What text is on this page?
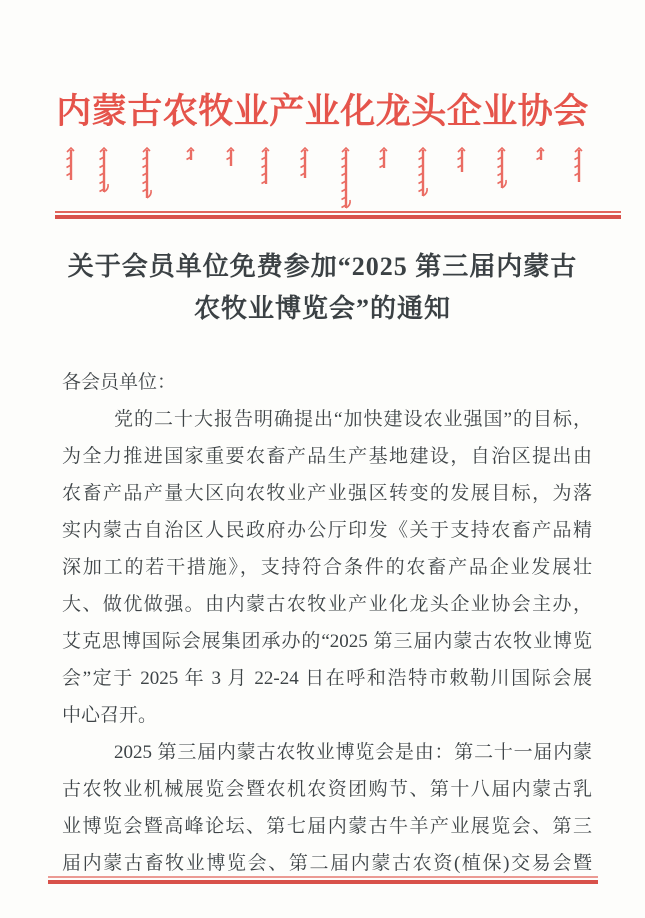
内蒙古农牧业产业化龙头企业协会
关于会员单位免费参加“2025 第三届内蒙古
农牧业博览会”的通知
各会员单位：
党的二十大报告明确提出“加快建设农业强国”的目标，
为全力推进国家重要农畜产品生产基地建设，自治区提出由
农畜产品产量大区向农牧业产业强区转变的发展目标，为落
实内蒙古自治区人民政府办公厅印发《关于支持农畜产品精
深加工的若干措施》，支持符合条件的农畜产品企业发展壮
大、做优做强。由内蒙古农牧业产业化龙头企业协会主办，
艾克思博国际会展集团承办的“2025 第三届内蒙古农牧业博览
会”定于 2025 年 3 月 22-24 日在呼和浩特市敕勒川国际会展
中心召开。
2025 第三届内蒙古农牧业博览会是由：第二十一届内蒙
古农牧业机械展览会暨农机农资团购节、第十八届内蒙古乳
业博览会暨高峰论坛、第七届内蒙古牛羊产业展览会、第三
届内蒙古畜牧业博览会、第二届内蒙古农资(植保)交易会暨
